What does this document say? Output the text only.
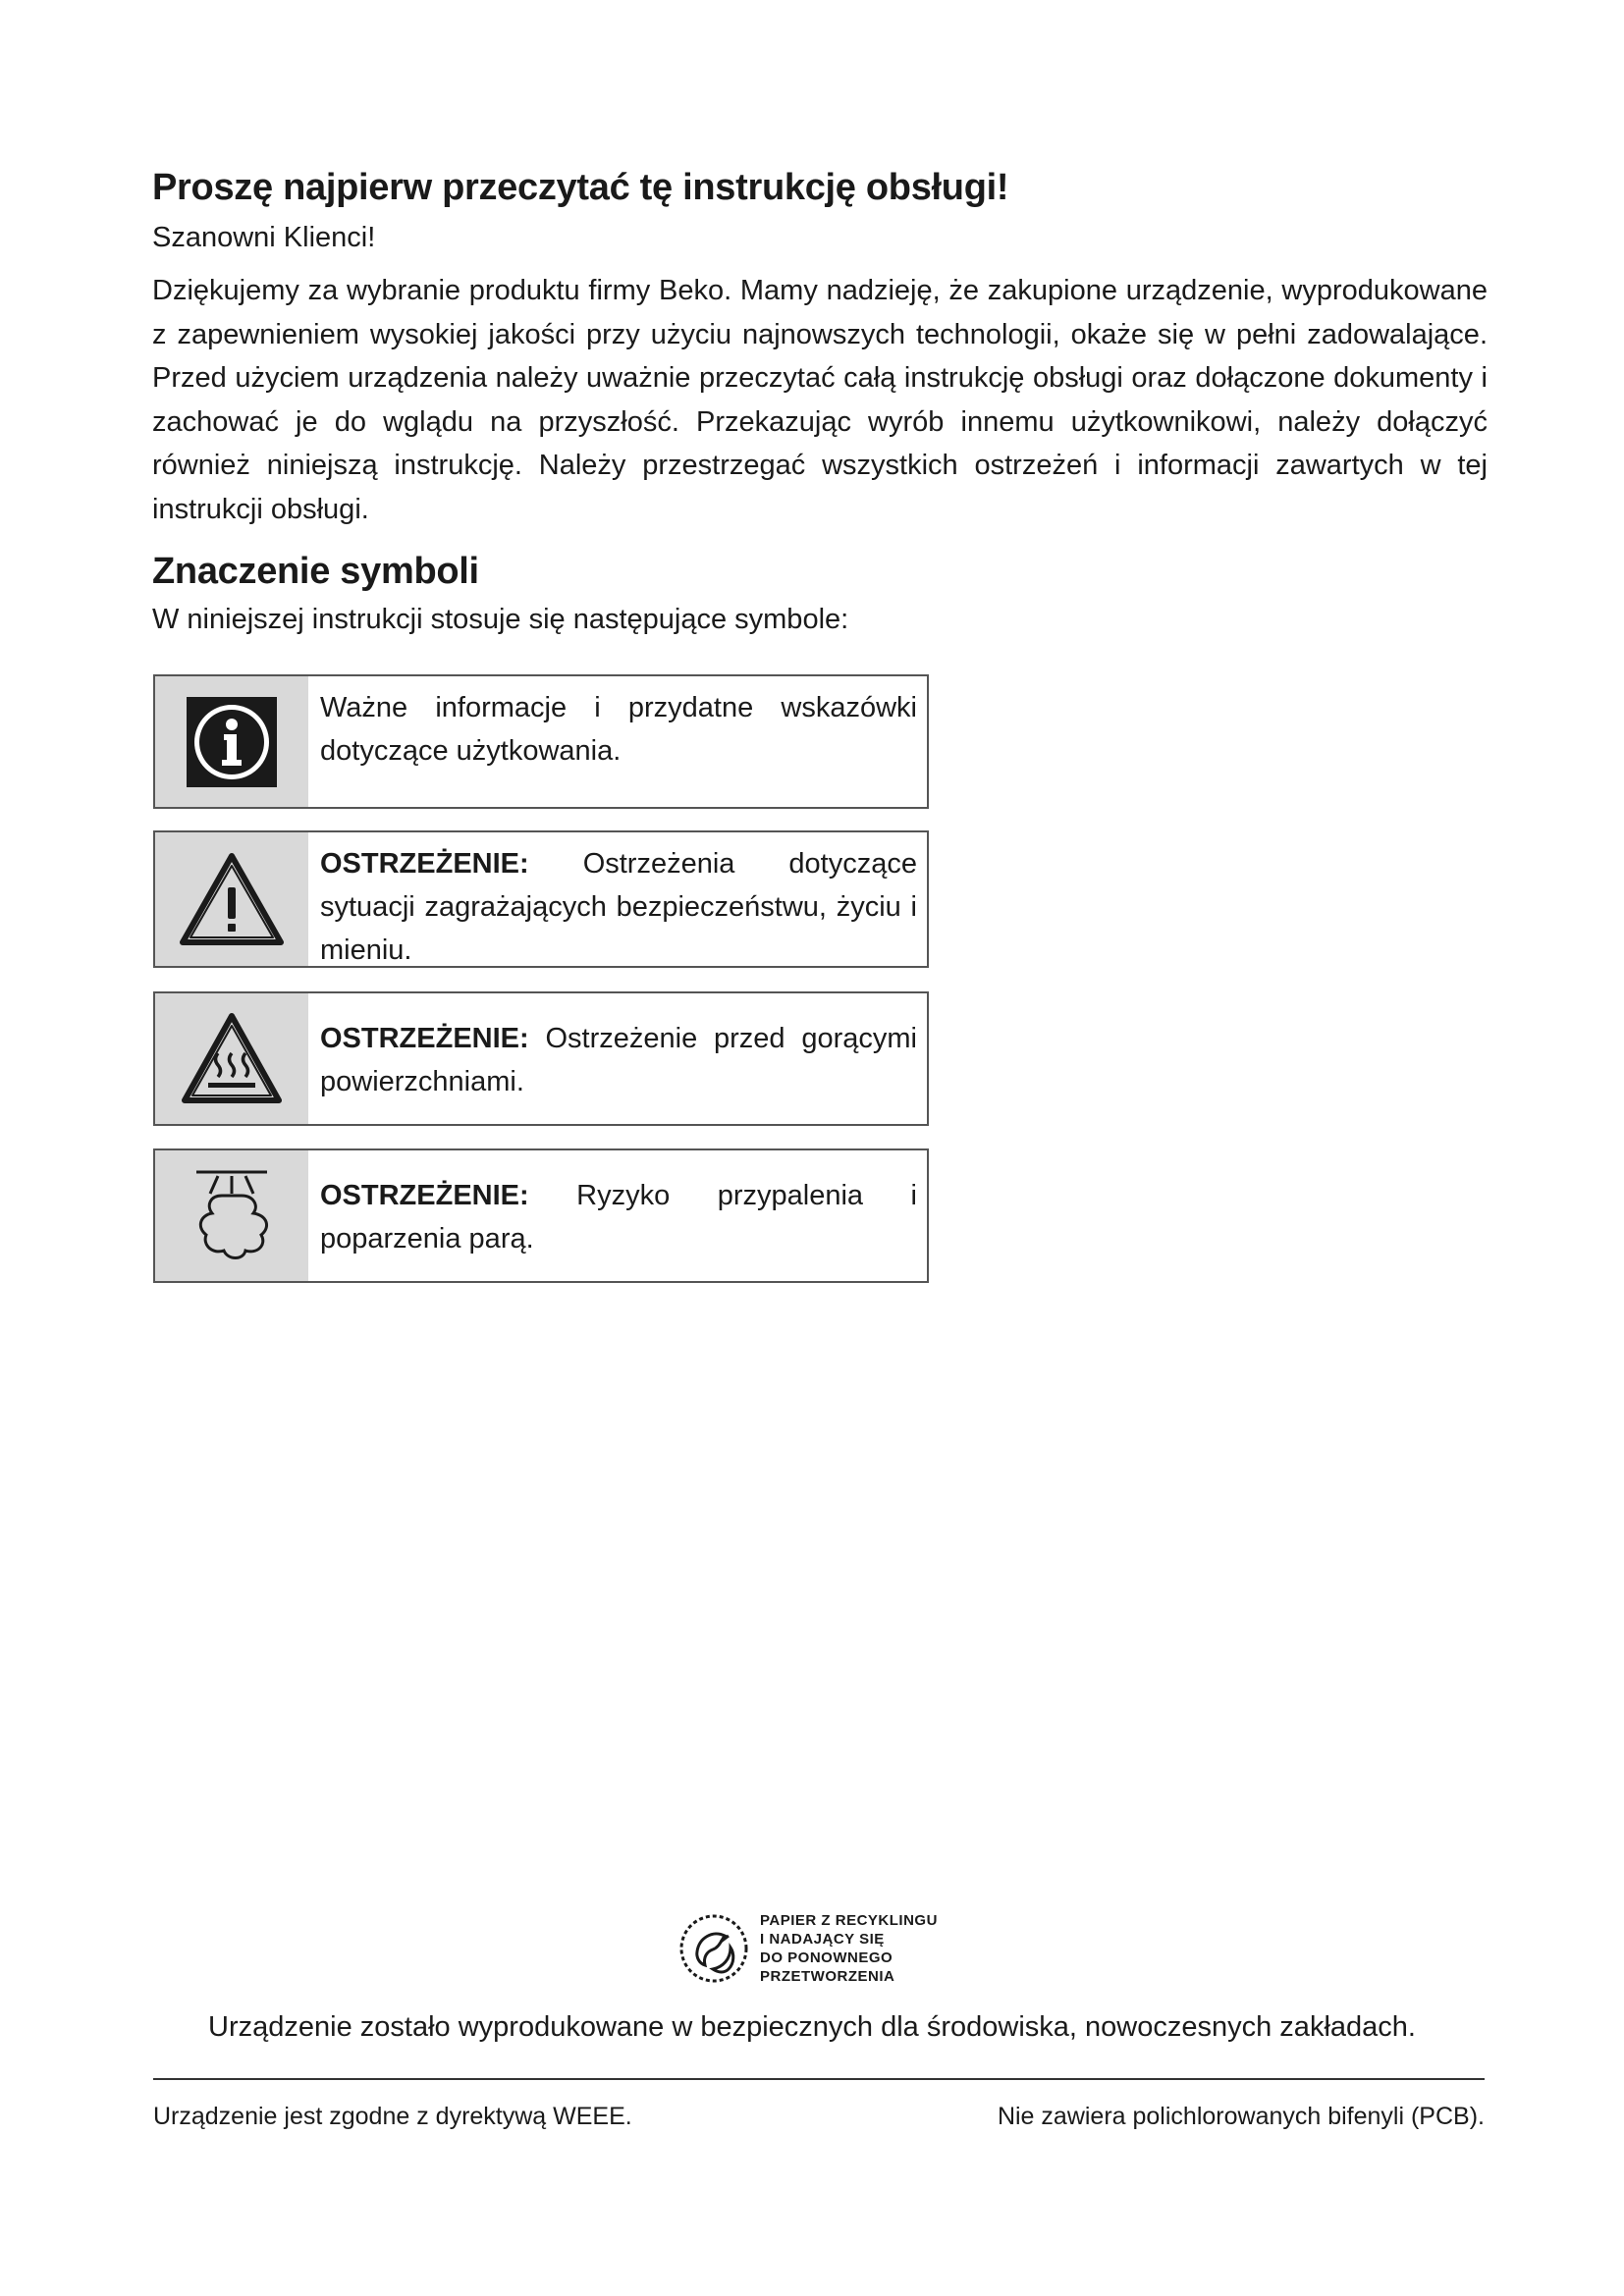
Proszę najpierw przeczytać tę instrukcję obsługi!

Szanowni Klienci!

Dziękujemy za wybranie produktu firmy Beko. Mamy nadzieję, że zakupione urządzenie, wyprodukowane z zapewnieniem wysokiej jakości przy użyciu najnowszych technologii, okaże się w pełni zadowalające. Przed użyciem urządzenia należy uważnie przeczytać całą instrukcję obsługi oraz dołączone dokumenty i zachować je do wglądu na przyszłość. Przekazując wyrób innemu użytkownikowi, należy dołączyć również niniejszą instrukcję. Należy przestrzegać wszystkich ostrzeżeń i informacji zawartych w tej instrukcji obsługi.

Znaczenie symboli

W niniejszej instrukcji stosuje się następujące symbole:

Ważne informacje i przydatne wskazówki dotyczące użytkowania.
OSTRZEŻENIE: Ostrzeżenia dotyczące sytuacji zagrażających bezpieczeństwu, życiu i mieniu.
OSTRZEŻENIE: Ostrzeżenie przed gorącymi powierzchniami.
OSTRZEŻENIE: Ryzyko przypalenia i poparzenia parą.
PAPIER Z RECYKLINGU
I NADAJĄCY SIĘ
DO PONOWNEGO
PRZETWORZENIA
Urządzenie zostało wyprodukowane w bezpiecznych dla środowiska, nowoczesnych zakładach.
Urządzenie jest zgodne z dyrektywą WEEE.	Nie zawiera polichlorowanych bifenyli (PCB).
